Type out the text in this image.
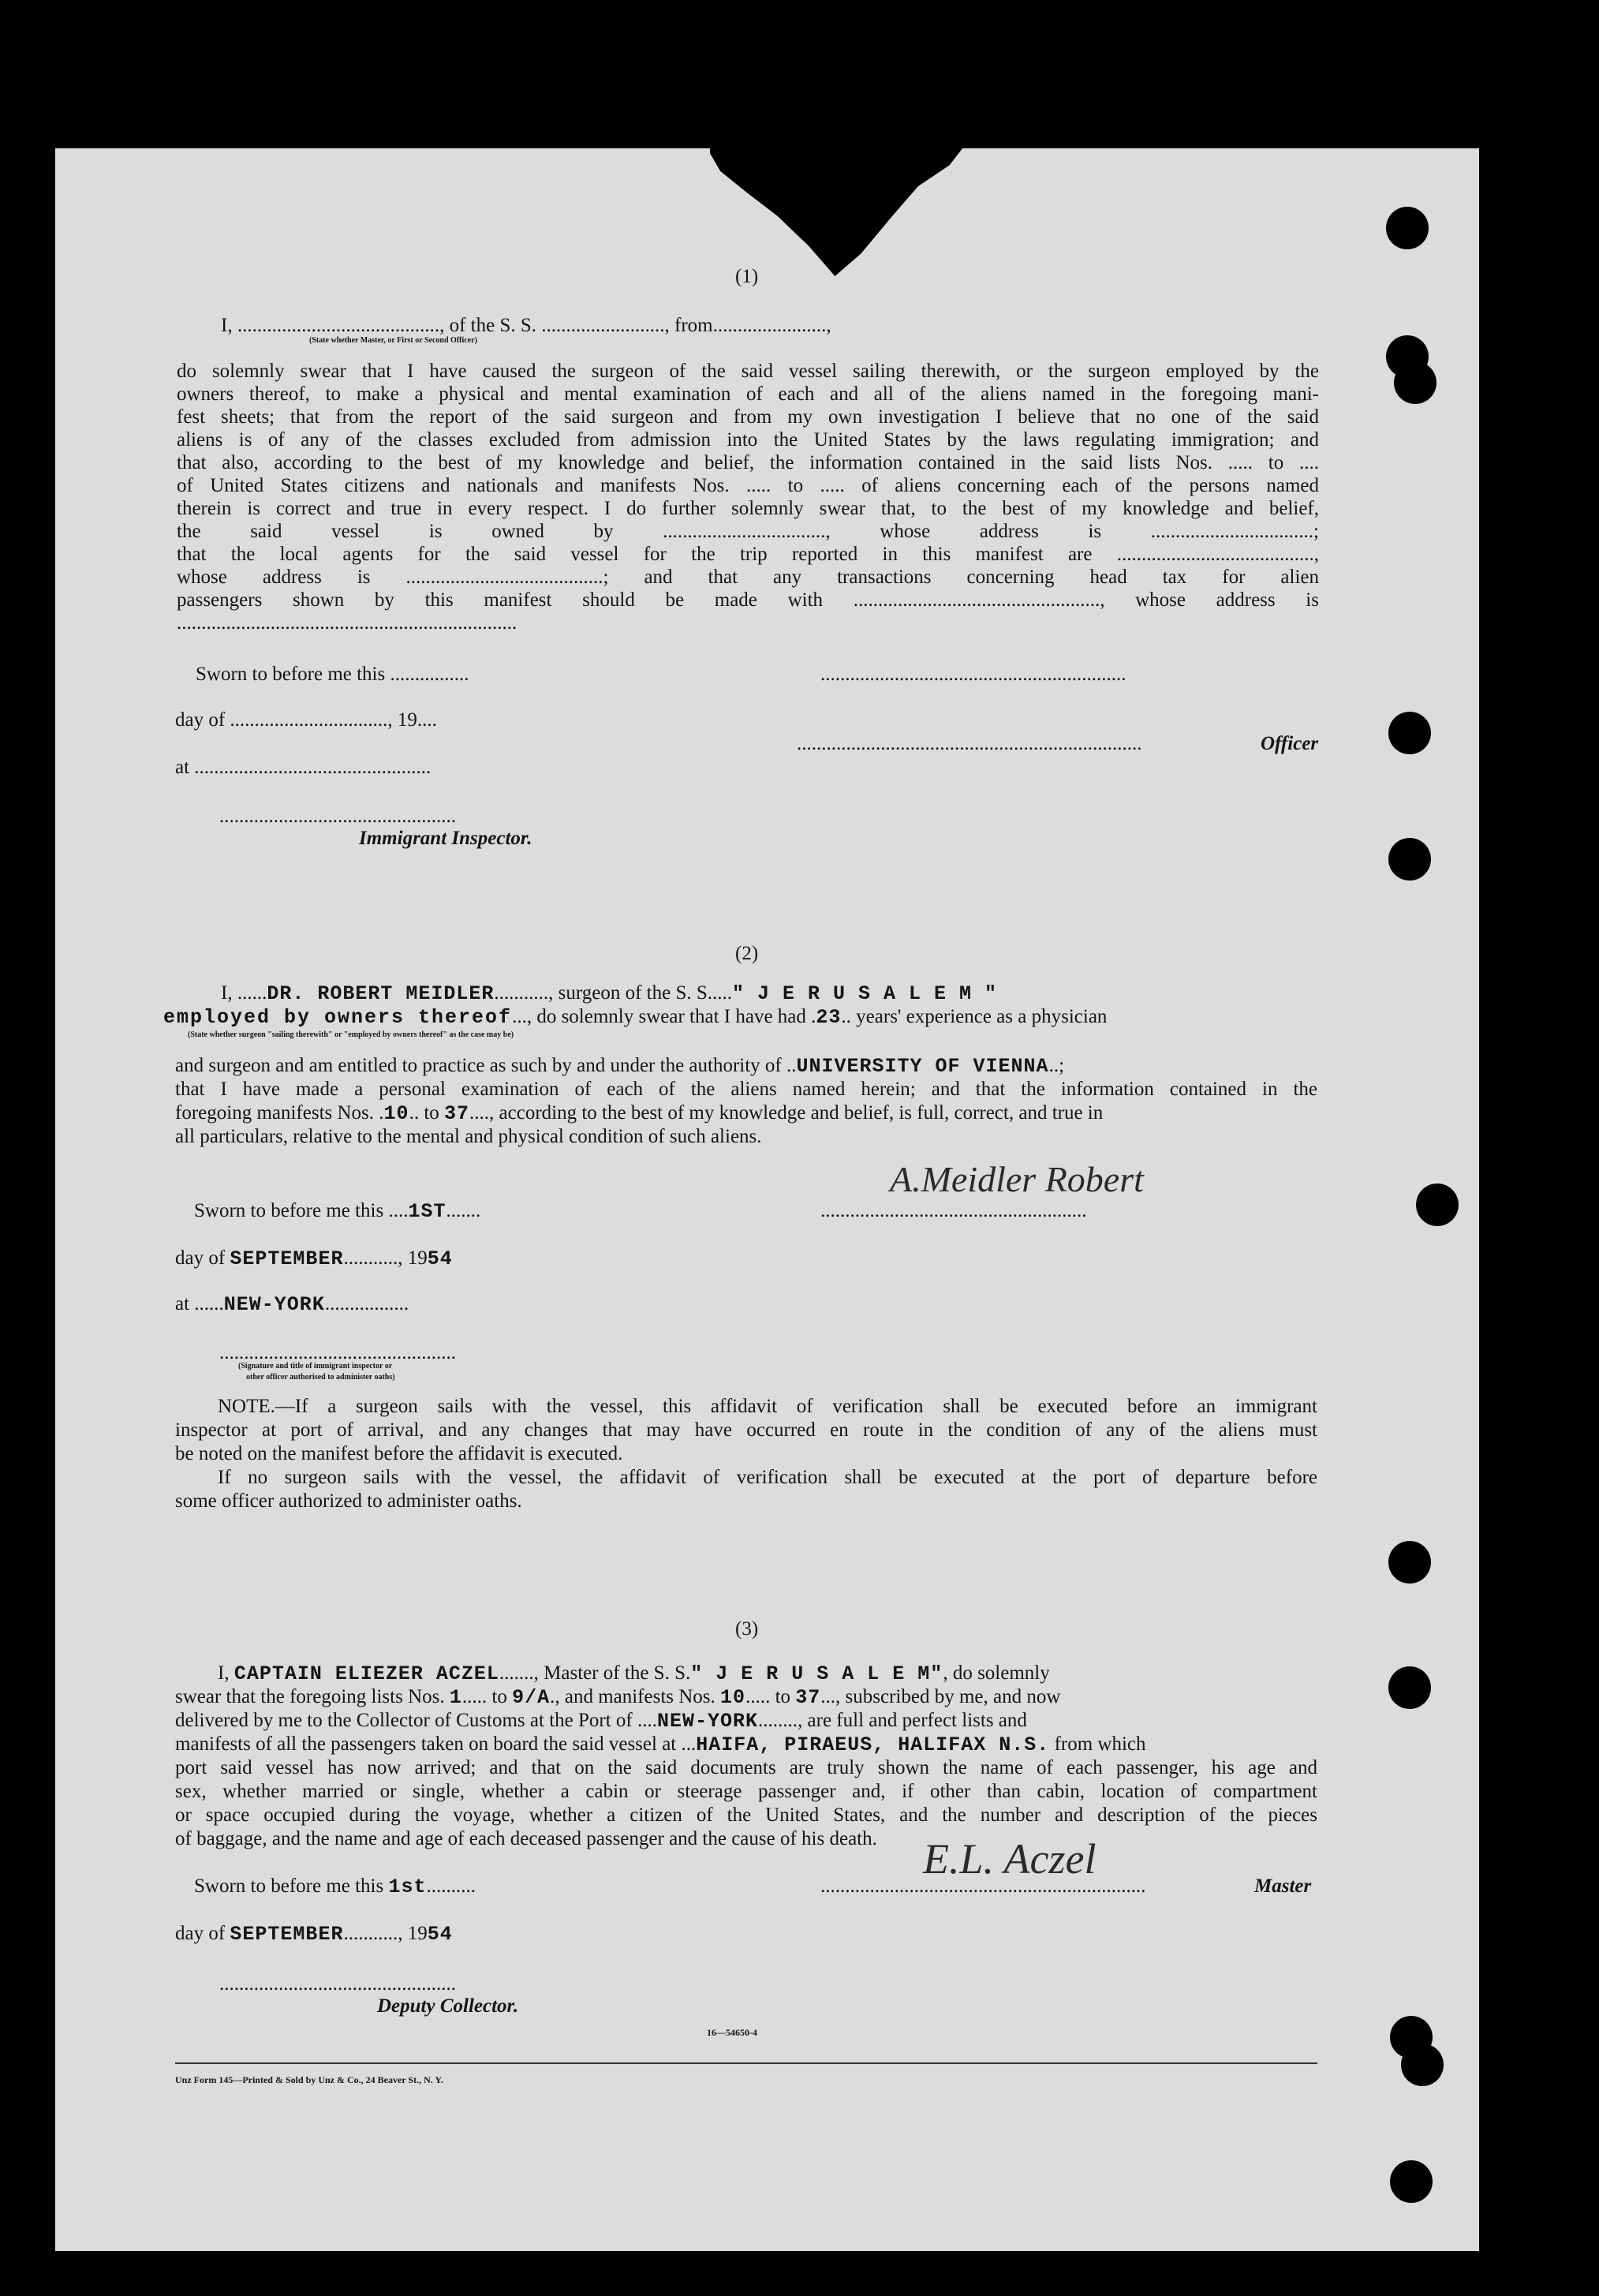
(1)
I, ........................................., of the S. S. ........................., from.......................,
(State whether Master, or First or Second Officer)
do solemnly swear that I have caused the surgeon of the said vessel sailing therewith, or the surgeon employed by the
owners thereof, to make a physical and mental examination of each and all of the aliens named in the foregoing mani-
fest sheets; that from the report of the said surgeon and from my own investigation I believe that no one of the said
aliens is of any of the classes excluded from admission into the United States by the laws regulating immigration; and
that also, according to the best of my knowledge and belief, the information contained in the said lists Nos. ..... to ....
of United States citizens and nationals and manifests Nos. ..... to ..... of aliens concerning each of the persons named
therein is correct and true in every respect. I do further solemnly swear that, to the best of my knowledge and belief,
the said vessel is owned by ................................., whose address is .................................;
that the local agents for the said vessel for the trip reported in this manifest are ........................................,
whose address is ........................................; and that any transactions concerning head tax for alien
passengers shown by this manifest should be made with .................................................., whose address is
.....................................................................
Sworn to before me this ................	..............................................................
day of ................................, 19....
at ................................................
......................................................................	Officer
................................................
Immigrant Inspector.
(2)
I, ......DR. ROBERT MEIDLER..........., surgeon of the S. S....." J E R U S A L E M "
employed by owners thereof..., do solemnly swear that I have had .23.. years' experience as a physician
(State whether surgeon "sailing therewith" or "employed by owners thereof" as the case may be)
and surgeon and am entitled to practice as such by and under the authority of ..UNIVERSITY OF VIENNA..;
that I have made a personal examination of each of the aliens named herein; and that the information contained in the
foregoing manifests Nos. .10.. to 37...., according to the best of my knowledge and belief, is full, correct, and true in
all particulars, relative to the mental and physical condition of such aliens.
Sworn to before me this ....1ST.......	......................................................
A.Meidler Robert
day of SEPTEMBER..........., 1954
at ......NEW-YORK.................
................................................
(Signature and title of immigrant inspector or
other officer authorised to administer oaths)
NOTE.—If a surgeon sails with the vessel, this affidavit of verification shall be executed before an immigrant
inspector at port of arrival, and any changes that may have occurred en route in the condition of any of the aliens must
be noted on the manifest before the affidavit is executed.
If no surgeon sails with the vessel, the affidavit of verification shall be executed at the port of departure before
some officer authorized to administer oaths.
(3)
I, CAPTAIN ELIEZER ACZEL......., Master of the S. S." J E R U S A L E M", do solemnly
swear that the foregoing lists Nos. 1..... to 9/A., and manifests Nos. 10..... to 37..., subscribed by me, and now
delivered by me to the Collector of Customs at the Port of ....NEW-YORK........, are full and perfect lists and
manifests of all the passengers taken on board the said vessel at ...HAIFA, PIRAEUS, HALIFAX N.S. from which
port said vessel has now arrived; and that on the said documents are truly shown the name of each passenger, his age and
sex, whether married or single, whether a cabin or steerage passenger and, if other than cabin, location of compartment
or space occupied during the voyage, whether a citizen of the United States, and the number and description of the pieces
of baggage, and the name and age of each deceased passenger and the cause of his death.
Sworn to before me this 1st..........	..................................................................
E.L. Aczel
Master
day of SEPTEMBER..........., 1954
................................................
Deputy Collector.
16—54650-4
Unz Form 145—Printed & Sold by Unz & Co., 24 Beaver St., N. Y.
